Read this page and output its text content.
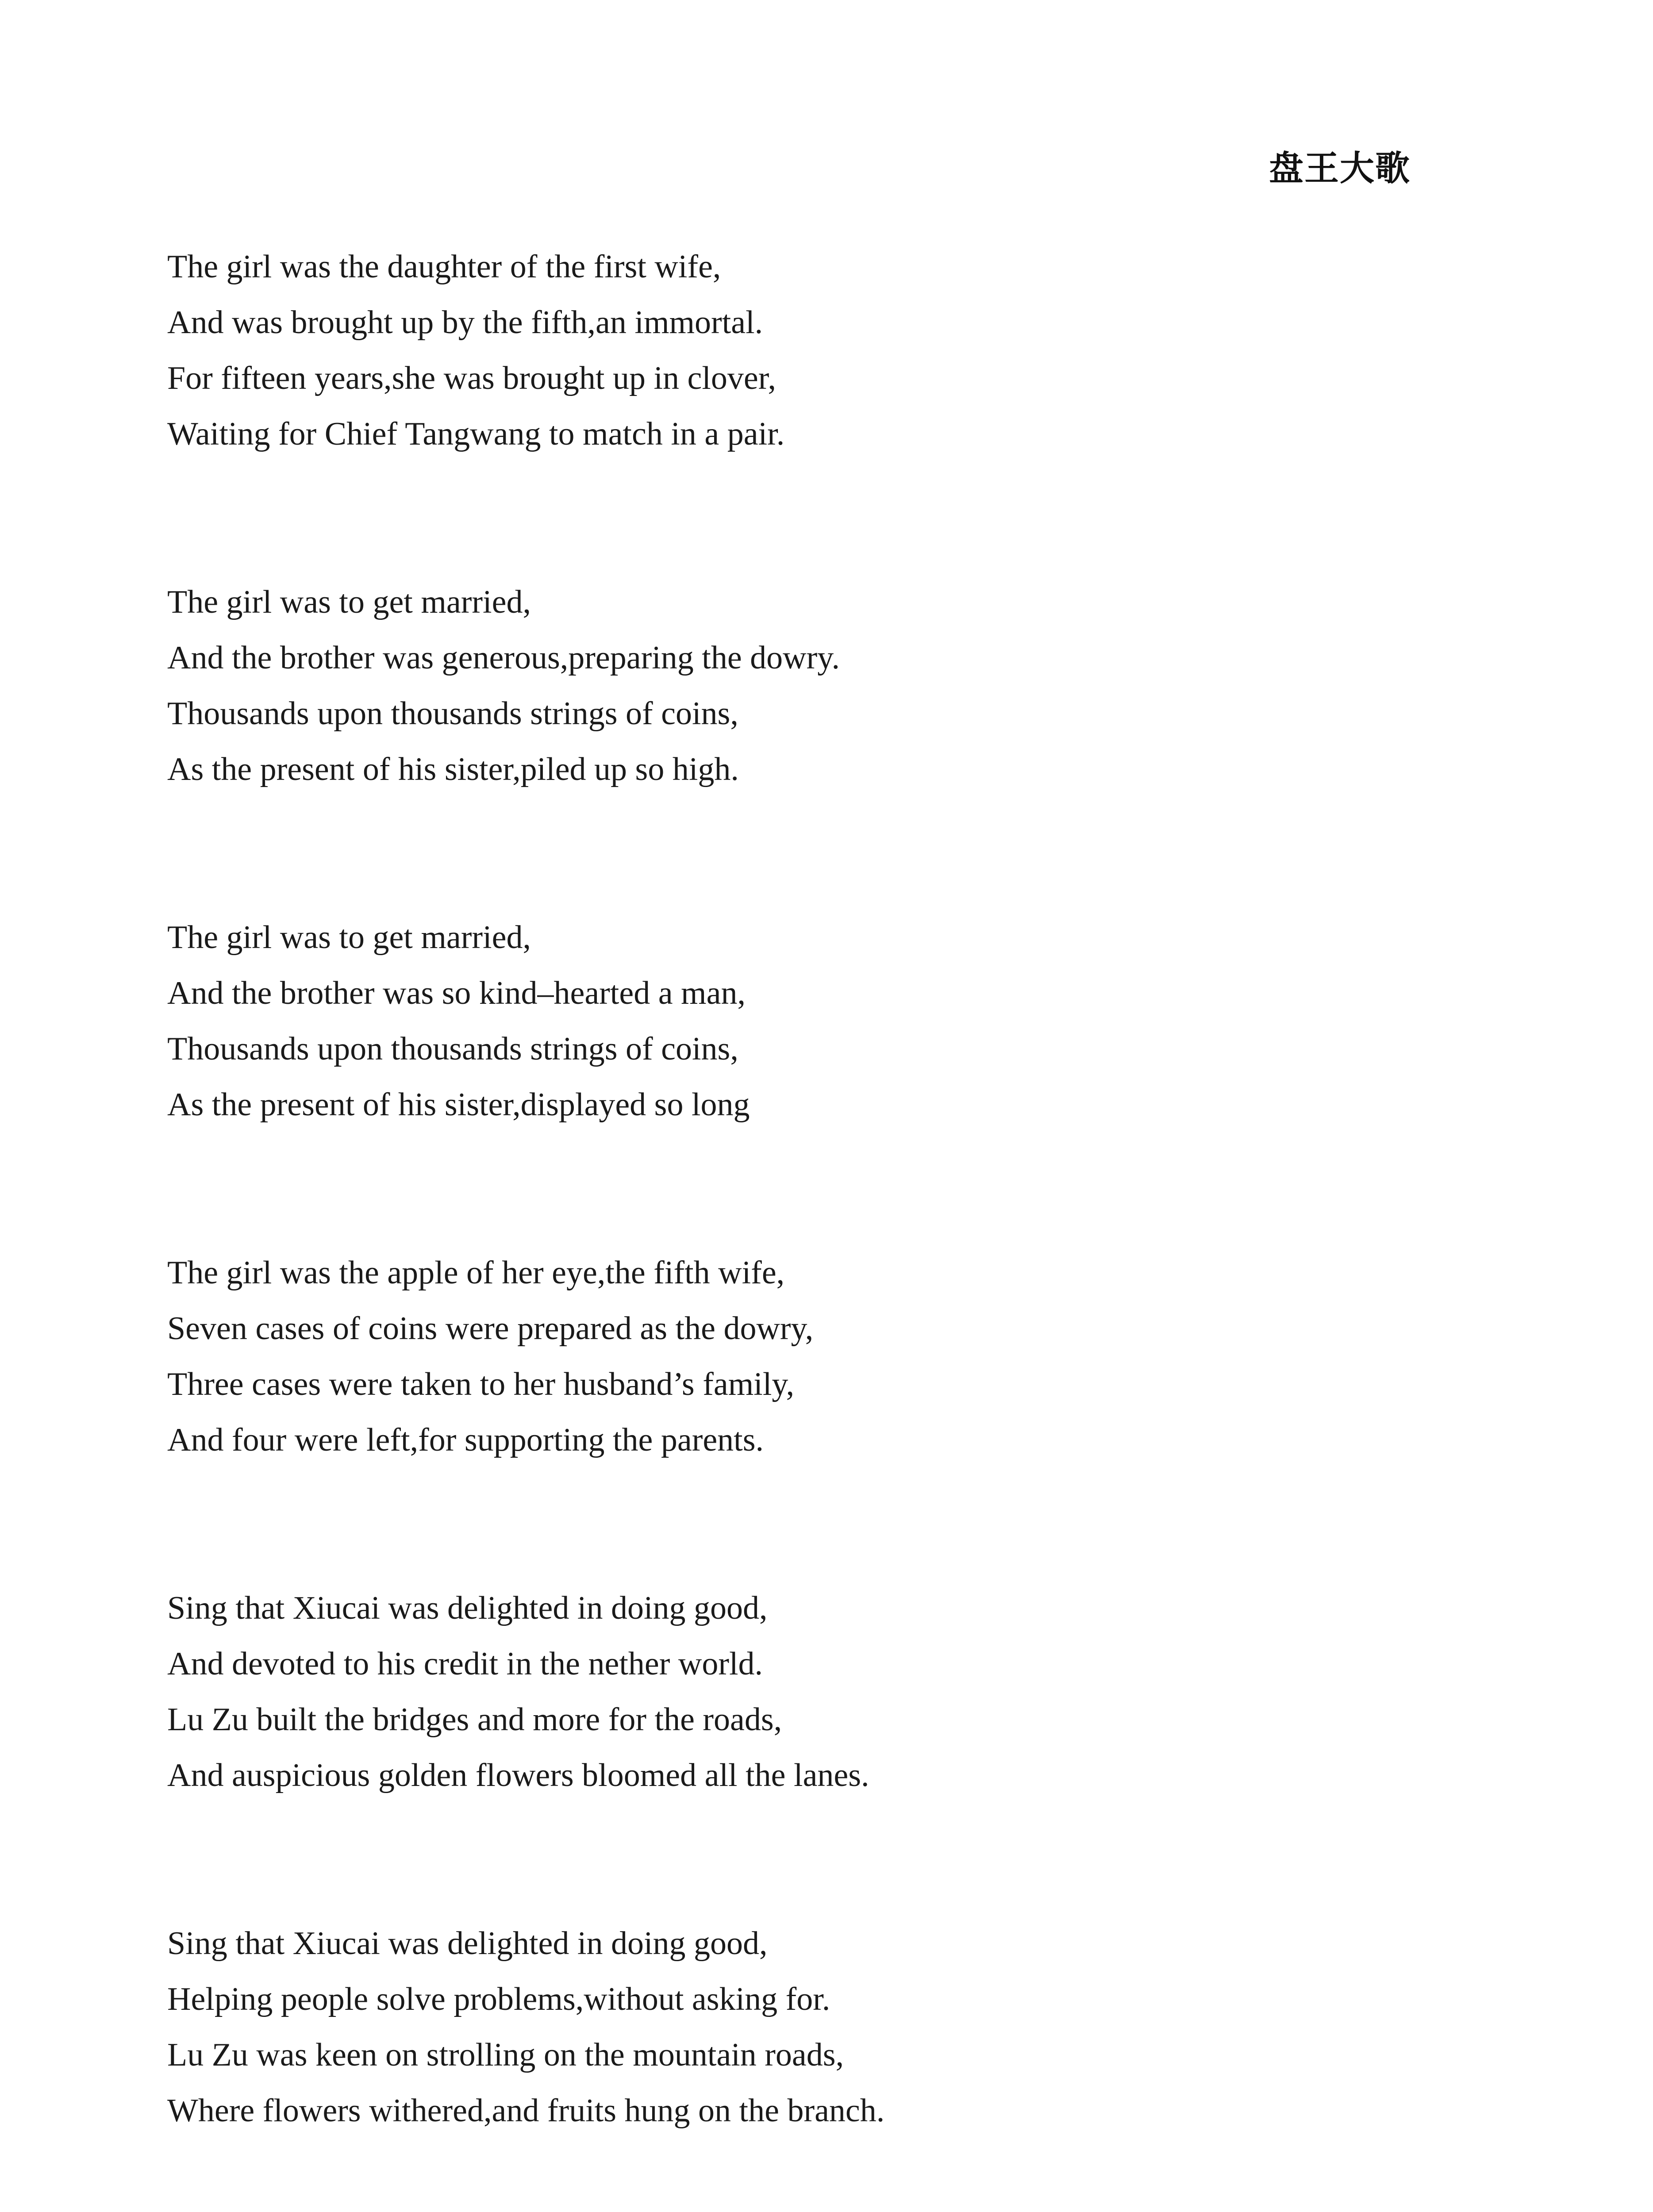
盘王大歌
The girl was the daughter of the first wife,
And was brought up by the fifth,an immortal.
For fifteen years,she was brought up in clover,
Waiting for Chief Tangwang to match in a pair.
The girl was to get married,
And the brother was generous,preparing the dowry.
Thousands upon thousands strings of coins,
As the present of his sister,piled up so high.
The girl was to get married,
And the brother was so kind–hearted a man,
Thousands upon thousands strings of coins,
As the present of his sister,displayed so long
The girl was the apple of her eye,the fifth wife,
Seven cases of coins were prepared as the dowry,
Three cases were taken to her husband’s family,
And four were left,for supporting the parents.
Sing that Xiucai was delighted in doing good,
And devoted to his credit in the nether world.
Lu Zu built the bridges and more for the roads,
And auspicious golden flowers bloomed all the lanes.
Sing that Xiucai was delighted in doing good,
Helping people solve problems,without asking for.
Lu Zu was keen on strolling on the mountain roads,
Where flowers withered,and fruits hung on the branch.
